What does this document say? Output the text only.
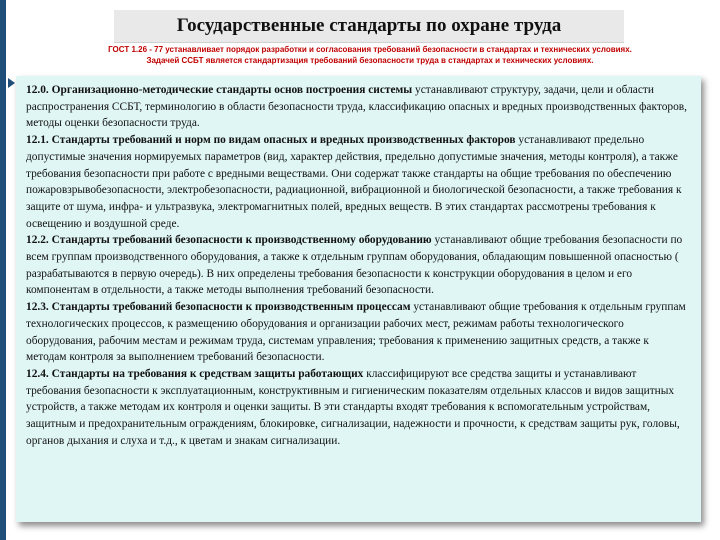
Государственные стандарты по охране труда
ГОСТ 1.26 - 77 устанавливает порядок разработки и согласования требований безопасности в стандартах и технических условиях.
Задачей ССБТ является стандартизация требований безопасности труда в стандартах и технических условиях.

12.0. Организационно-методические стандарты основ построения системы устанавливают структуру, задачи, цели и области распространения ССБТ, терминологию в области безопасности труда, классификацию опасных и вредных производственных факторов, методы оценки безопасности труда.

12.1. Стандарты требований и норм по видам опасных и вредных производственных факторов устанавливают предельно допустимые значения нормируемых параметров (вид, характер действия, предельно допустимые значения, методы контроля), а также требования безопасности при работе с вредными веществами. Они содержат также стандарты на общие требования по обеспечению пожаровзрывобезопасности, электробезопасности, радиационной, вибрационной и биологической безопасности, а также требования к защите от шума, инфра- и ультразвука, электромагнитных полей, вредных веществ. В этих стандартах рассмотрены требования к освещению и воздушной среде.

12.2. Стандарты требований безопасности к производственному оборудованию устанавливают общие требования безопасности по всем группам производственного оборудования, а также к отдельным группам оборудования, обладающим повышенной опасностью ( разрабатываются в первую очередь). В них определены требования безопасности к конструкции оборудования в целом и его компонентам в отдельности, а также методы выполнения требований безопасности.

12.3. Стандарты требований безопасности к производственным процессам устанавливают общие требования к отдельным группам технологических процессов, к размещению оборудования и организации рабочих мест, режимам работы технологического оборудования, рабочим местам и режимам труда, системам управления; требования к применению защитных средств, а также к методам контроля за выполнением требований безопасности.

12.4. Стандарты на требования к средствам защиты работающих классифицируют все средства защиты и устанавливают требования безопасности к эксплуатационным, конструктивным и гигиеническим показателям отдельных классов и видов защитных устройств, а также методам их контроля и оценки защиты. В эти стандарты входят требования к вспомогательным устройствам, защитным и предохранительным ограждениям, блокировке, сигнализации, надежности и прочности, к средствам защиты рук, головы, органов дыхания и слуха и т.д., к цветам и знакам сигнализации.
